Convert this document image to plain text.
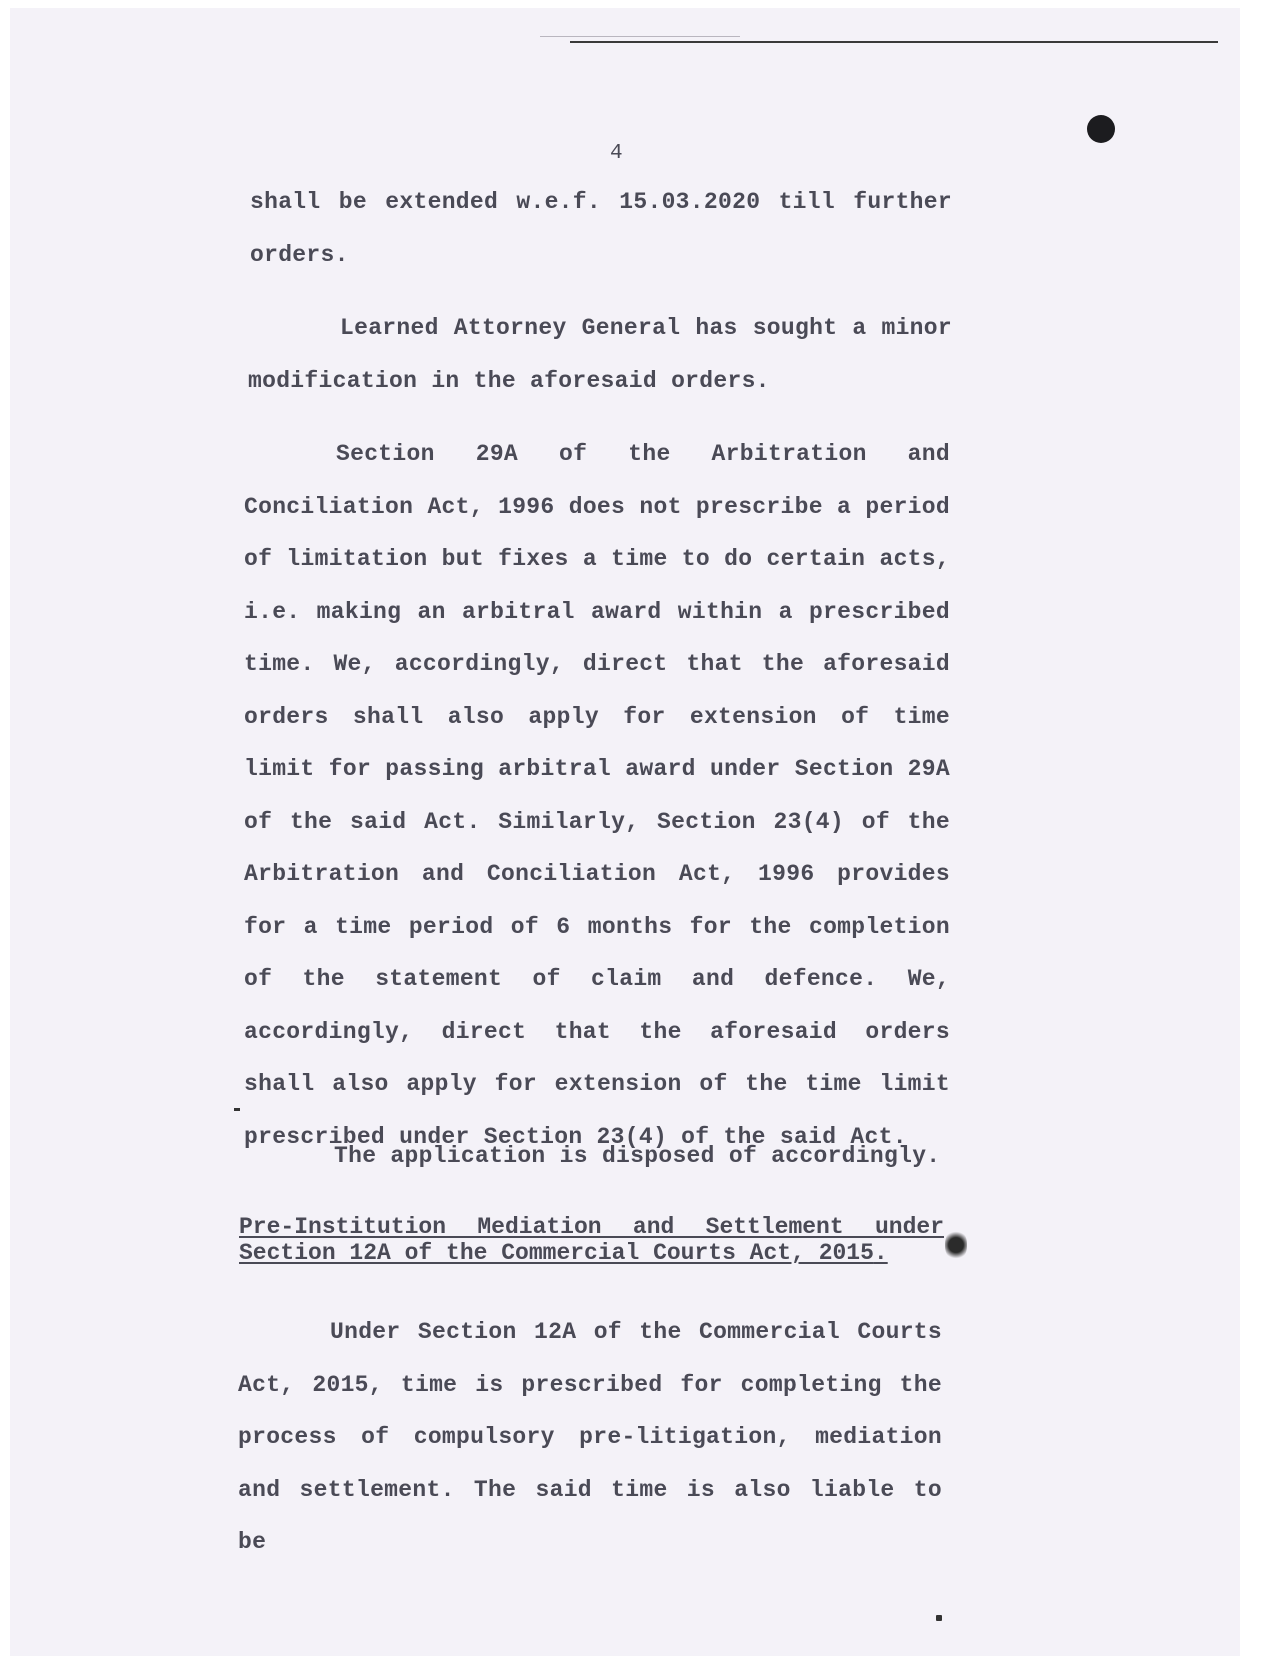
4
shall be extended w.e.f. 15.03.2020 till further orders.
Learned Attorney General has sought a minor modification in the aforesaid orders.
Section 29A of the Arbitration and Conciliation Act, 1996 does not prescribe a period of limitation but fixes a time to do certain acts, i.e. making an arbitral award within a prescribed time. We, accordingly, direct that the aforesaid orders shall also apply for extension of time limit for passing arbitral award under Section 29A of the said Act. Similarly, Section 23(4) of the Arbitration and Conciliation Act, 1996 provides for a time period of 6 months for the completion of the statement of claim and defence. We, accordingly, direct that the aforesaid orders shall also apply for extension of the time limit prescribed under Section 23(4) of the said Act.
The application is disposed of accordingly.
Pre-Institution Mediation and Settlement under Section 12A of the Commercial Courts Act, 2015.
Under Section 12A of the Commercial Courts Act, 2015, time is prescribed for completing the process of compulsory pre-litigation, mediation and settlement. The said time is also liable to be
